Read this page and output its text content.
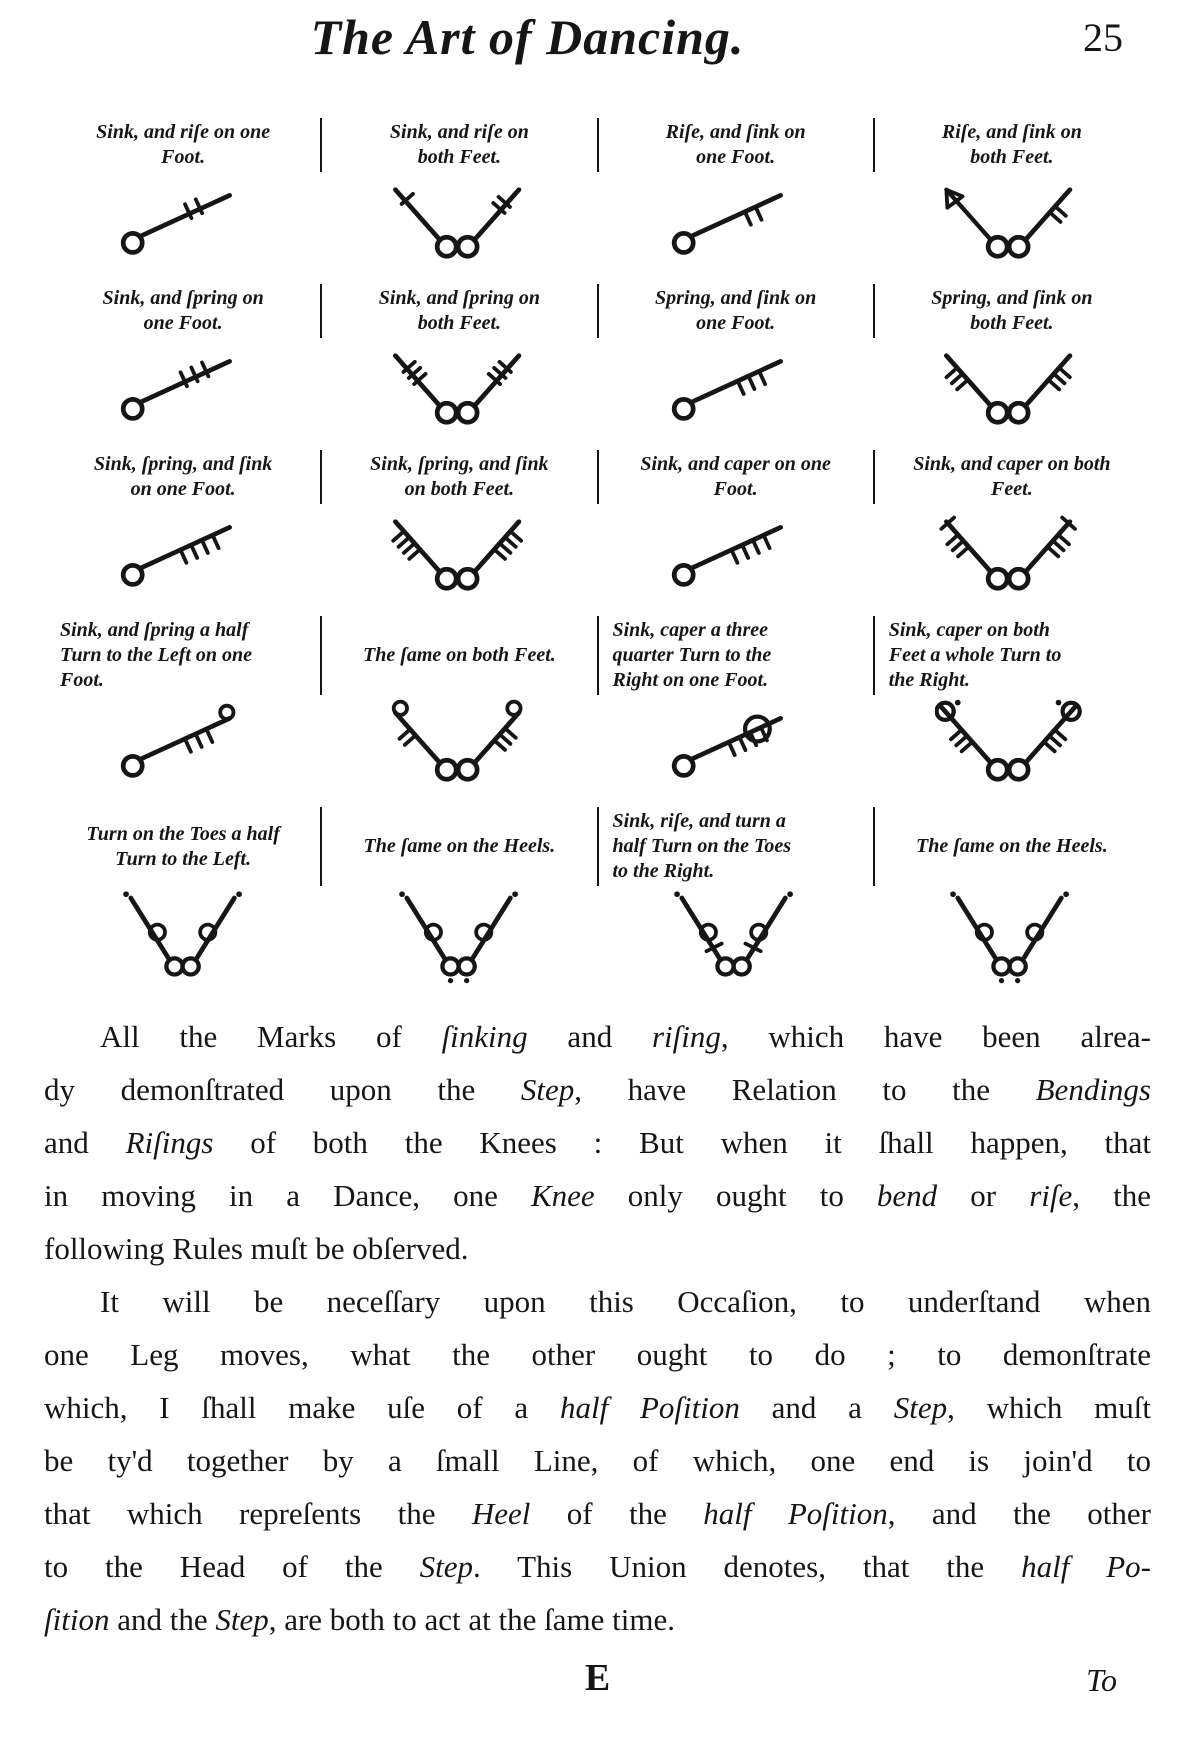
The Art of Dancing.	25
Sink, and riſe on one
Foot.
Sink, and riſe on
both Feet.
Riſe, and ſink on
one Foot.
Riſe, and ſink on
both Feet.
Sink, and ſpring on
one Foot.
Sink, and ſpring on
both Feet.
Spring, and ſink on
one Foot.
Spring, and ſink on
both Feet.
Sink, ſpring, and ſink
on one Foot.
Sink, ſpring, and ſink
on both Feet.
Sink, and caper on one
Foot.
Sink, and caper on both
Feet.
Sink, and ſpring a half
Turn to the Left on one
Foot.
The ſame on both Feet.
Sink, caper a three
quarter Turn to the
Right on one Foot.
Sink, caper on both
Feet a whole Turn to
the Right.
Turn on the Toes a half
Turn to the Left.
The ſame on the Heels.
Sink, riſe, and turn a
half Turn on the Toes
to the Right.
The ſame on the Heels.
All the Marks of ſinking and riſing, which have been alrea-
dy demonſtrated upon the Step, have Relation to the Bendings
and Riſings of both the Knees : But when it ſhall happen, that
in moving in a Dance, one Knee only ought to bend or riſe, the
following Rules muſt be obſerved.
It will be neceſſary upon this Occaſion, to underſtand when
one Leg moves, what the other ought to do ; to demonſtrate
which, I ſhall make uſe of a half Poſition and a Step, which muſt
be ty'd together by a ſmall Line, of which, one end is join'd to
that which repreſents the Heel of the half Poſition, and the other
to the Head of the Step. This Union denotes, that the half Po-
ſition and the Step, are both to act at the ſame time.
E	To
